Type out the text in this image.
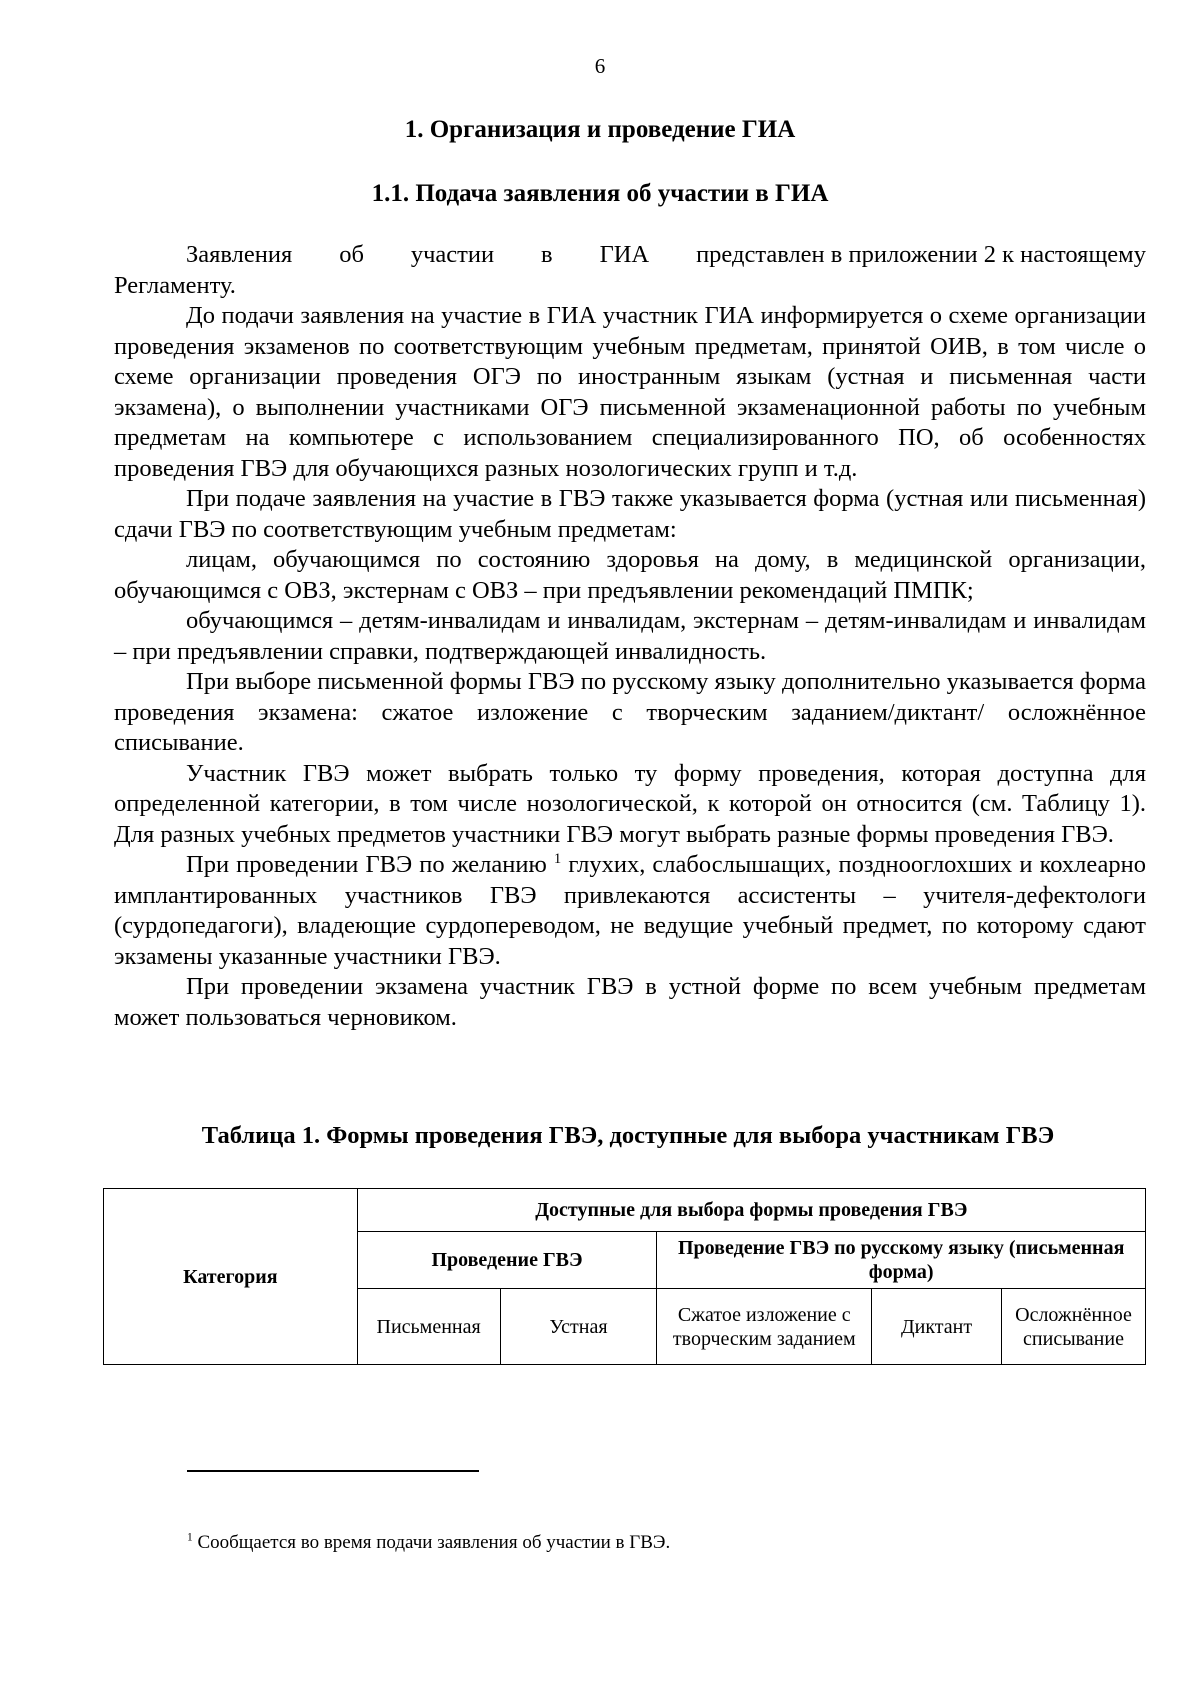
6
1. Организация и проведение ГИА
1.1. Подача заявления об участии в ГИА
Заявления об участии в ГИА представлен в приложении 2 к настоящему
Регламенту.

До подачи заявления на участие в ГИА участник ГИА информируется о схеме организации проведения экзаменов по соответствующим учебным предметам, принятой ОИВ, в том числе о схеме организации проведения ОГЭ по иностранным языкам (устная и письменная части экзамена), о выполнении участниками ОГЭ письменной экзаменационной работы по учебным предметам на компьютере с использованием специализированного ПО, об особенностях проведения ГВЭ для обучающихся разных нозологических групп и т.д.

При подаче заявления на участие в ГВЭ также указывается форма (устная или письменная) сдачи ГВЭ по соответствующим учебным предметам:

лицам, обучающимся по состоянию здоровья на дому, в медицинской организации, обучающимся с ОВЗ, экстернам с ОВЗ – при предъявлении рекомендаций ПМПК;

обучающимся – детям-инвалидам и инвалидам, экстернам – детям-инвалидам и инвалидам – при предъявлении справки, подтверждающей инвалидность.

При выборе письменной формы ГВЭ по русскому языку дополнительно указывается форма проведения экзамена: сжатое изложение с творческим заданием/диктант/ осложнённое списывание.

Участник ГВЭ может выбрать только ту форму проведения, которая доступна для определенной категории, в том числе нозологической, к которой он относится (см. Таблицу 1). Для разных учебных предметов участники ГВЭ могут выбрать разные формы проведения ГВЭ.

При проведении ГВЭ по желанию $^1$ глухих, слабослышащих, позднооглохших и кохлеарно имплантированных участников ГВЭ привлекаются ассистенты – учителя-дефектологи (сурдопедагоги), владеющие сурдопереводом, не ведущие учебный предмет, по которому сдают экзамены указанные участники ГВЭ.

При проведении экзамена участник ГВЭ в устной форме по всем учебным предметам может пользоваться черновиком.

Таблица 1. Формы проведения ГВЭ, доступные для выбора участникам ГВЭ
Категория	Доступные для выбора формы проведения ГВЭ				
	Проведение ГВЭ		Проведение ГВЭ по русскому языку (письменная форма)		
	Письменная	Устная	Сжатое изложение с творческим заданием	Диктант	Осложнённое списывание
$^1$ Сообщается во время подачи заявления об участии в ГВЭ.
